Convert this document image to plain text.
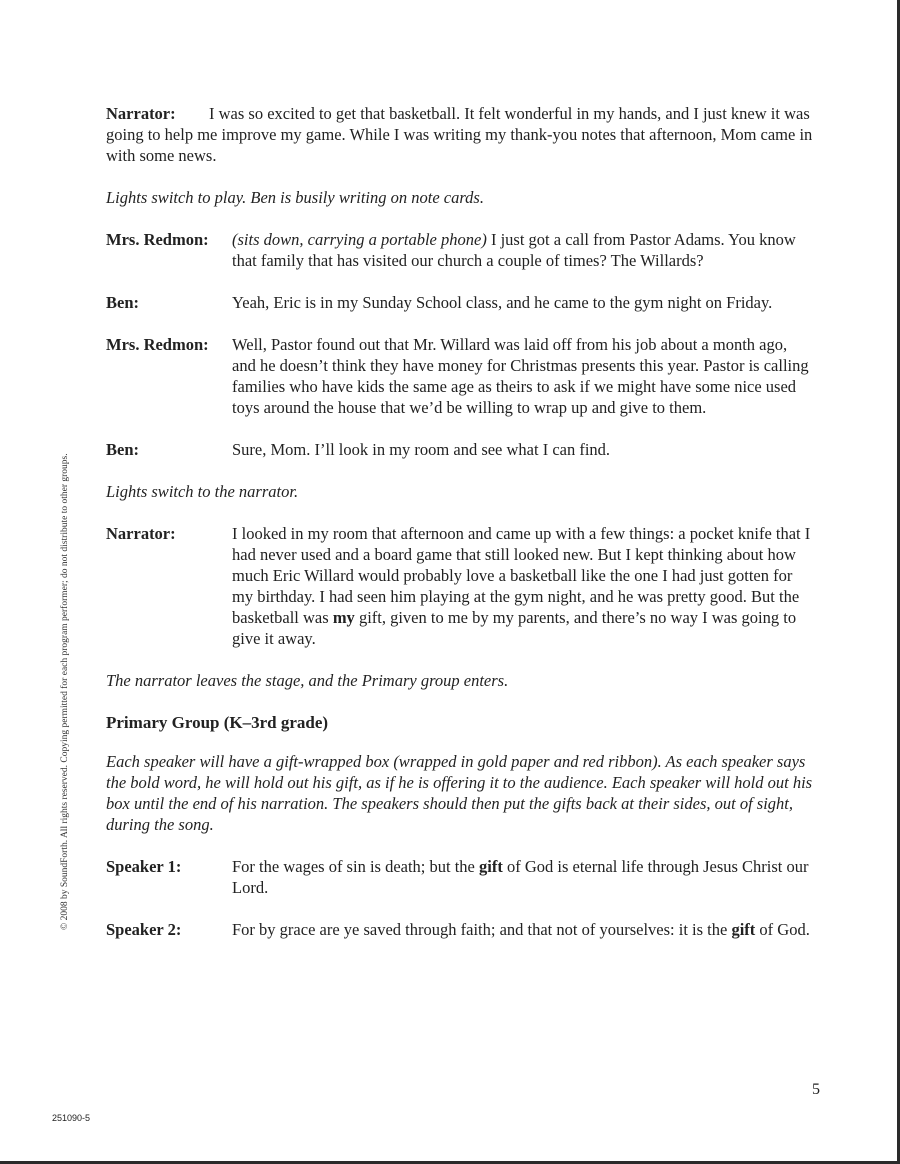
© 2008 by SoundForth. All rights reserved. Copying permitted for each program performer; do not distribute to other groups.
Narrator: I was so excited to get that basketball. It felt wonderful in my hands, and I just knew it was going to help me improve my game. While I was writing my thank-you notes that afternoon, Mom came in with some news.
Lights switch to play. Ben is busily writing on note cards.
Mrs. Redmon: (sits down, carrying a portable phone) I just got a call from Pastor Adams. You know that family that has visited our church a couple of times? The Willards?
Ben:	Yeah, Eric is in my Sunday School class, and he came to the gym night on Friday.
Mrs. Redmon: Well, Pastor found out that Mr. Willard was laid off from his job about a month ago, and he doesn’t think they have money for Christmas presents this year. Pastor is calling families who have kids the same age as theirs to ask if we might have some nice used toys around the house that we’d be willing to wrap up and give to them.
Ben:	Sure, Mom. I’ll look in my room and see what I can find.
Lights switch to the narrator.
Narrator:	I looked in my room that afternoon and came up with a few things: a pocket knife that I had never used and a board game that still looked new. But I kept thinking about how much Eric Willard would probably love a basketball like the one I had just gotten for my birthday. I had seen him playing at the gym night, and he was pretty good. But the basketball was my gift, given to me by my parents, and there’s no way I was going to give it away.
The narrator leaves the stage, and the Primary group enters.
Primary Group (K–3rd grade)
Each speaker will have a gift-wrapped box (wrapped in gold paper and red ribbon). As each speaker says the bold word, he will hold out his gift, as if he is offering it to the audience. Each speaker will hold out his box until the end of his narration. The speakers should then put the gifts back at their sides, out of sight, during the song.
Speaker 1:	For the wages of sin is death; but the gift of God is eternal life through Jesus Christ our Lord.
Speaker 2:	For by grace are ye saved through faith; and that not of yourselves: it is the gift of God.
5
251090-5
